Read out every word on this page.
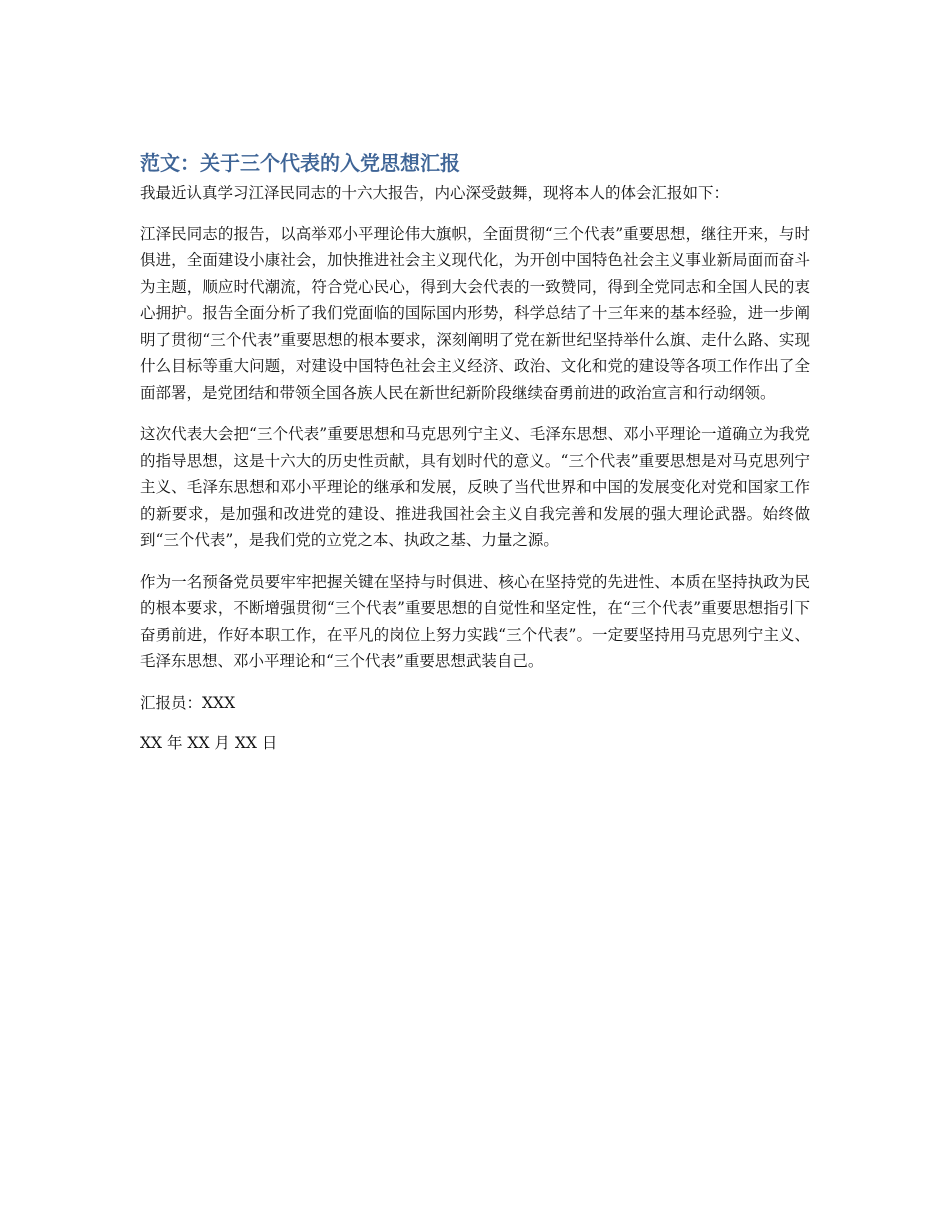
范文：关于三个代表的入党思想汇报

我最近认真学习江泽民同志的十六大报告，内心深受鼓舞，现将本人的体会汇报如下：

江泽民同志的报告，以高举邓小平理论伟大旗帜，全面贯彻“三个代表”重要思想，继往开来，与时俱进，全面建设小康社会，加快推进社会主义现代化，为开创中国特色社会主义事业新局面而奋斗为主题，顺应时代潮流，符合党心民心，得到大会代表的一致赞同，得到全党同志和全国人民的衷心拥护。报告全面分析了我们党面临的国际国内形势，科学总结了十三年来的基本经验，进一步阐明了贯彻“三个代表”重要思想的根本要求，深刻阐明了党在新世纪坚持举什么旗、走什么路、实现什么目标等重大问题，对建设中国特色社会主义经济、政治、文化和党的建设等各项工作作出了全面部署，是党团结和带领全国各族人民在新世纪新阶段继续奋勇前进的政治宣言和行动纲领。

这次代表大会把“三个代表”重要思想和马克思列宁主义、毛泽东思想、邓小平理论一道确立为我党的指导思想，这是十六大的历史性贡献，具有划时代的意义。“三个代表”重要思想是对马克思列宁主义、毛泽东思想和邓小平理论的继承和发展，反映了当代世界和中国的发展变化对党和国家工作的新要求，是加强和改进党的建设、推进我国社会主义自我完善和发展的强大理论武器。始终做到“三个代表”，是我们党的立党之本、执政之基、力量之源。

作为一名预备党员要牢牢把握关键在坚持与时俱进、核心在坚持党的先进性、本质在坚持执政为民的根本要求，不断增强贯彻“三个代表”重要思想的自觉性和坚定性，在“三个代表”重要思想指引下奋勇前进，作好本职工作，在平凡的岗位上努力实践“三个代表”。一定要坚持用马克思列宁主义、毛泽东思想、邓小平理论和“三个代表”重要思想武装自己。

汇报员：XXX

XX 年 XX 月 XX 日
